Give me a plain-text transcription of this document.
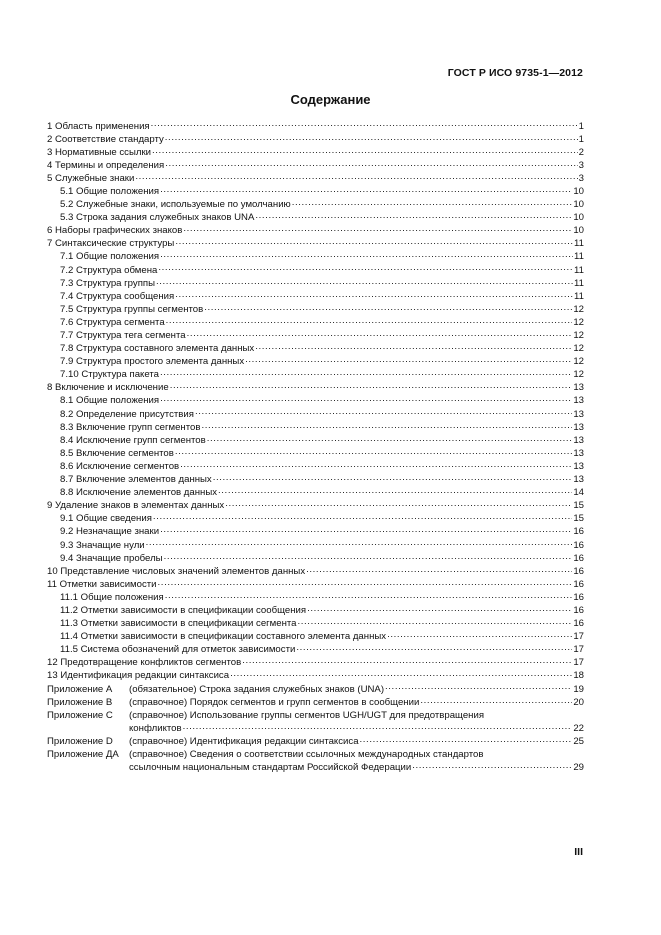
ГОСТ Р ИСО 9735-1—2012
Содержание
1 Область применения .....	1
2 Соответствие стандарту .....	1
3 Нормативные ссылки .....	2
4 Термины и определения .....	3
5 Служебные знаки .....	3
5.1 Общие положения .....	10
5.2 Служебные знаки, используемые по умолчанию .....	10
5.3 Строка задания служебных знаков UNA .....	10
6 Наборы графических знаков .....	10
7 Синтаксические структуры .....	11
7.1 Общие положения .....	11
7.2 Структура обмена .....	11
7.3 Структура группы .....	11
7.4 Структура сообщения .....	11
7.5 Структура группы сегментов .....	12
7.6 Структура сегмента .....	12
7.7 Структура тега сегмента .....	12
7.8 Структура составного элемента данных .....	12
7.9 Структура простого элемента данных .....	12
7.10 Структура пакета .....	12
8 Включение и исключение .....	13
8.1 Общие положения .....	13
8.2 Определение присутствия .....	13
8.3 Включение групп сегментов .....	13
8.4 Исключение групп сегментов .....	13
8.5 Включение сегментов .....	13
8.6 Исключение сегментов .....	13
8.7 Включение элементов данных .....	13
8.8 Исключение элементов данных .....	14
9 Удаление знаков в элементах данных .....	15
9.1 Общие сведения .....	15
9.2 Незначащие знаки .....	16
9.3 Значащие нули .....	16
9.4 Значащие пробелы .....	16
10 Представление числовых значений элементов данных .....	16
11 Отметки зависимости .....	16
11.1 Общие положения .....	16
11.2 Отметки зависимости в спецификации сообщения .....	16
11.3 Отметки зависимости в спецификации сегмента .....	16
11.4 Отметки зависимости в спецификации составного элемента данных .....	17
11.5 Система обозначений для отметок зависимости .....	17
12 Предотвращение конфликтов сегментов .....	17
13 Идентификация редакции синтаксиса .....	18
Приложение A	(обязательное) Строка задания служебных знаков (UNA) .....	19
Приложение B	(справочное) Порядок сегментов и групп сегментов в сообщении .....	20
Приложение C	(справочное) Использование группы сегментов UGH/UGT для предотвращения
конфликтов .....	22
Приложение D	(справочное) Идентификация редакции синтаксиса .....	25
Приложение ДА	(справочное) Сведения о соответствии ссылочных международных стандартов
ссылочным национальным стандартам Российской Федерации .....	29
III
